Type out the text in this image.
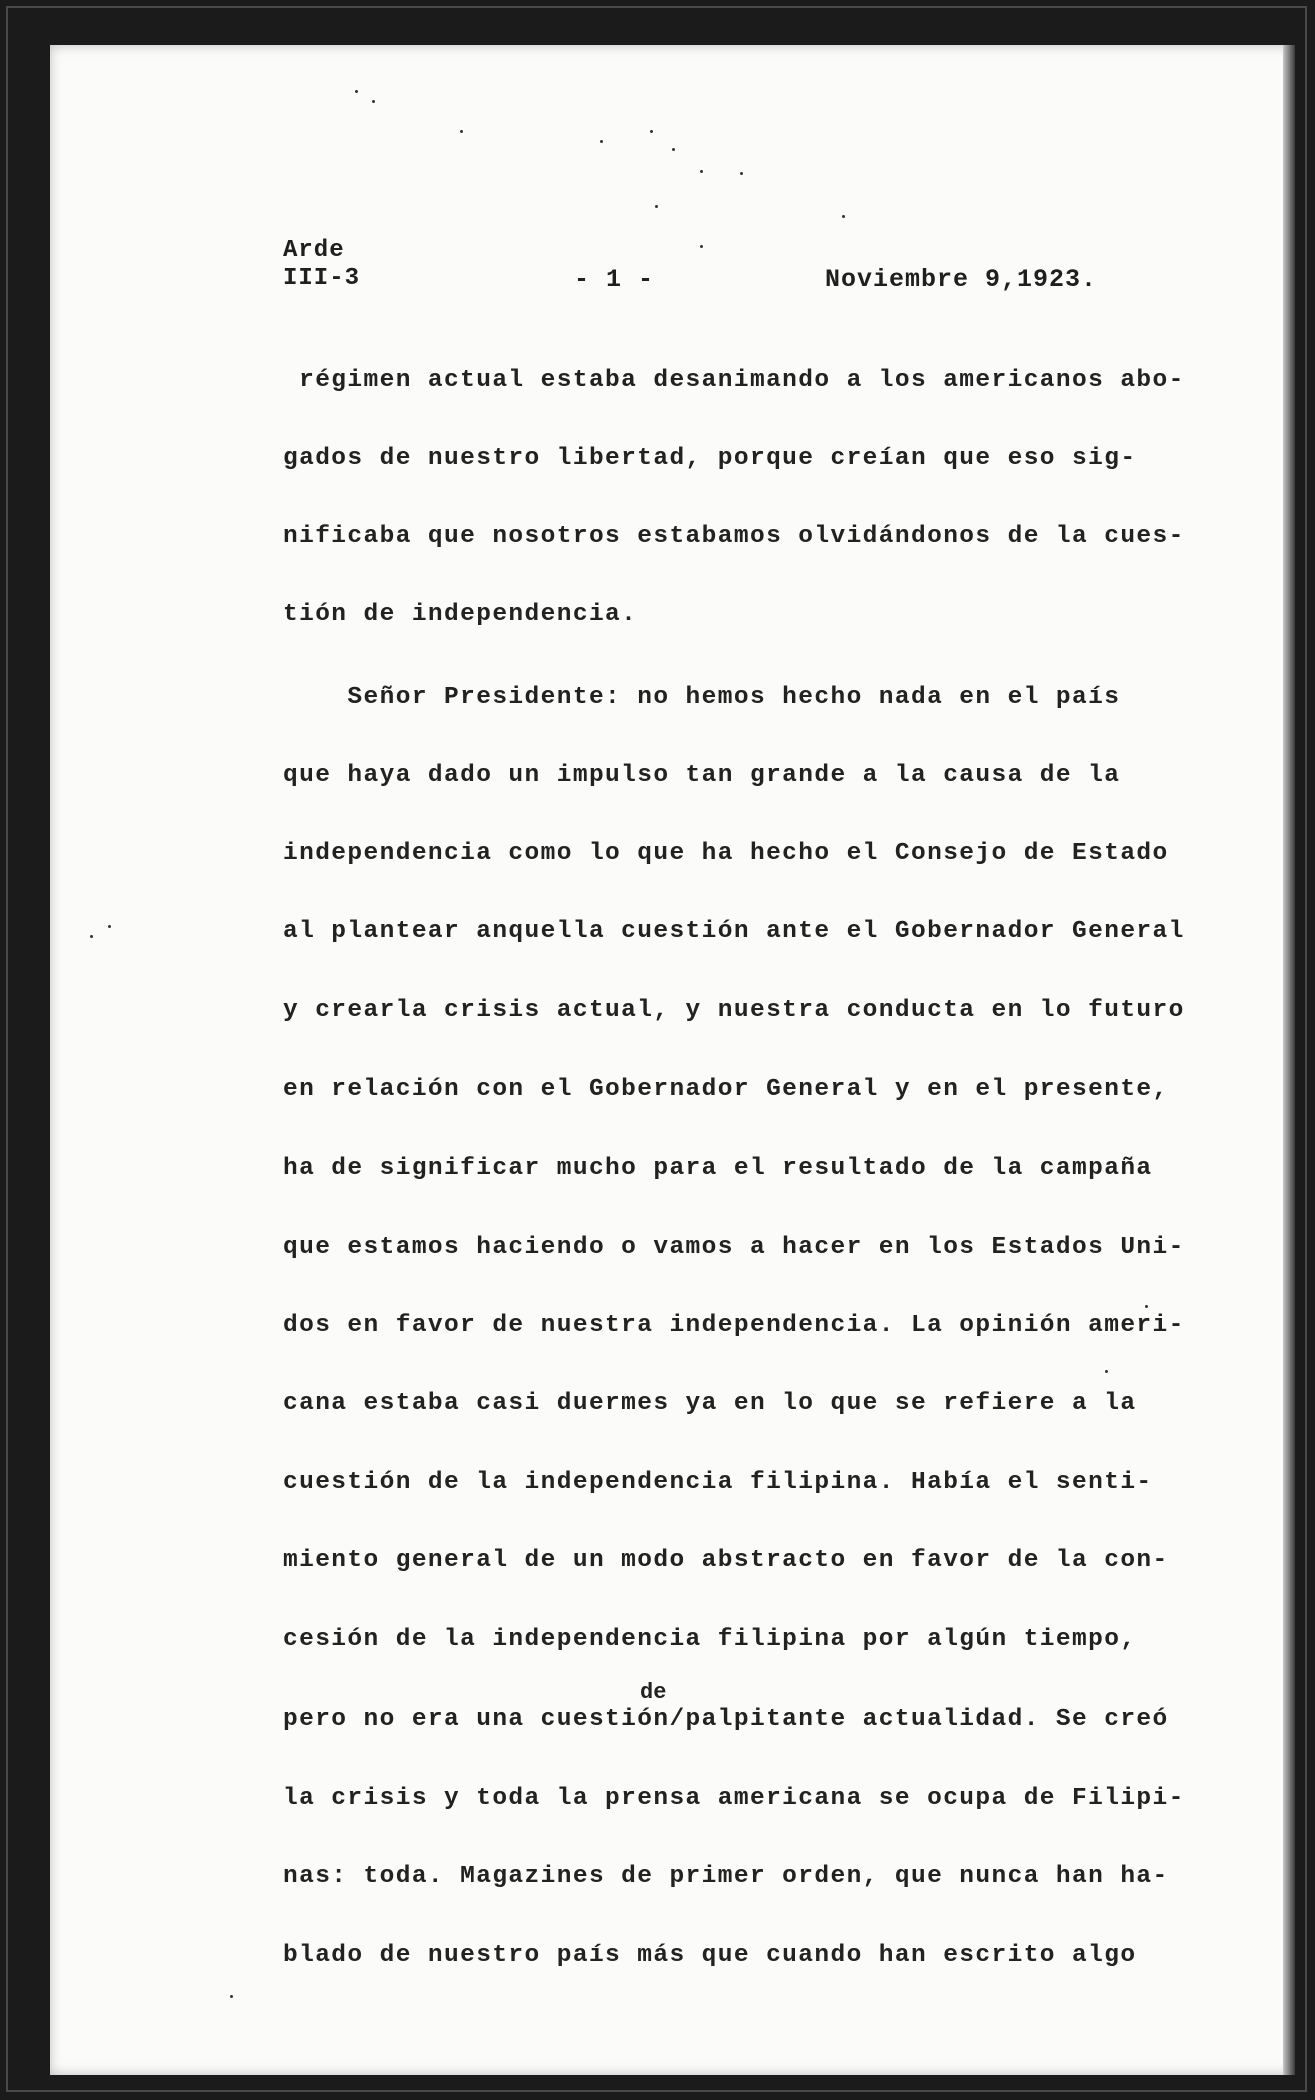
Arde
III-3	- 1 -	Noviembre 9,1923.
régimen actual estaba desanimando a los americanos abo-
gados de nuestro libertad, porque creían que eso sig-
nificaba que nosotros estabamos olvidándonos de la cues-
tión de independencia.
Señor Presidente: no hemos hecho nada en el país
que haya dado un impulso tan grande a la causa de la
independencia como lo que ha hecho el Consejo de Estado
al plantear anquella cuestión ante el Gobernador General
y crearla crisis actual, y nuestra conducta en lo futuro
en relación con el Gobernador General y en el presente,
ha de significar mucho para el resultado de la campaña
que estamos haciendo o vamos a hacer en los Estados Uni-
dos en favor de nuestra independencia. La opinión ameri-
cana estaba casi duermes ya en lo que se refiere a la
cuestión de la independencia filipina. Había el senti-
miento general de un modo abstracto en favor de la con-
cesión de la independencia filipina por algún tiempo,
de
pero no era una cuestión/palpitante actualidad. Se creó
la crisis y toda la prensa americana se ocupa de Filipi-
nas: toda. Magazines de primer orden, que nunca han ha-
blado de nuestro país más que cuando han escrito algo
